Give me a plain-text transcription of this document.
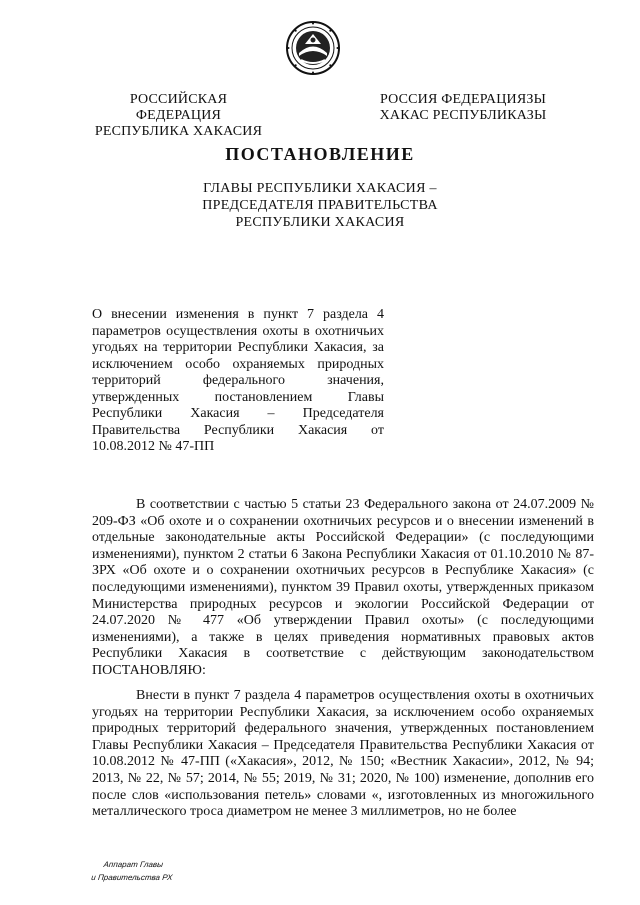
РОССИЙСКАЯ ФЕДЕРАЦИЯ
РЕСПУБЛИКА ХАКАСИЯ
РОССИЯ ФЕДЕРАЦИЯЗЫ
ХАКАС РЕСПУБЛИКАЗЫ
ПОСТАНОВЛЕНИЕ
ГЛАВЫ РЕСПУБЛИКИ ХАКАСИЯ –
ПРЕДСЕДАТЕЛЯ ПРАВИТЕЛЬСТВА
РЕСПУБЛИКИ ХАКАСИЯ
О внесении изменения в пункт 7 раздела 4 параметров осуществления охоты в охотничьих угодьях на территории Республики Хакасия, за исключением особо охраняемых природных территорий федерального значения, утвержденных постановлением Главы Республики Хакасия – Председателя Правительства Республики Хакасия от 10.08.2012 № 47-ПП
В соответствии с частью 5 статьи 23 Федерального закона от 24.07.2009 № 209-ФЗ «Об охоте и о сохранении охотничьих ресурсов и о внесении изменений в отдельные законодательные акты Российской Федерации» (с последующими изменениями), пунктом 2 статьи 6 Закона Республики Хакасия от 01.10.2010 № 87-ЗРХ «Об охоте и о сохранении охотничьих ресурсов в Республике Хакасия» (с последующими изменениями), пунктом 39 Правил охоты, утвержденных приказом Министерства природных ресурсов и экологии Российской Федерации от 24.07.2020 № 477 «Об утверждении Правил охоты» (с последующими изменениями), а также в целях приведения нормативных правовых актов Республики Хакасия в соответствие с действующим законодательством ПОСТАНОВЛЯЮ:
Внести в пункт 7 раздела 4 параметров осуществления охоты в охотничьих угодьях на территории Республики Хакасия, за исключением особо охраняемых природных территорий федерального значения, утвержденных постановлением Главы Республики Хакасия – Председателя Правительства Республики Хакасия от 10.08.2012 № 47-ПП («Хакасия», 2012, № 150; «Вестник Хакасии», 2012, № 94; 2013, № 22, № 57; 2014, № 55; 2019, № 31; 2020, № 100) изменение, дополнив его после слов «использования петель» словами «, изготовленных из многожильного металлического троса диаметром не менее 3 миллиметров, но не более
Аппарат Главы
и Правительства РХ
